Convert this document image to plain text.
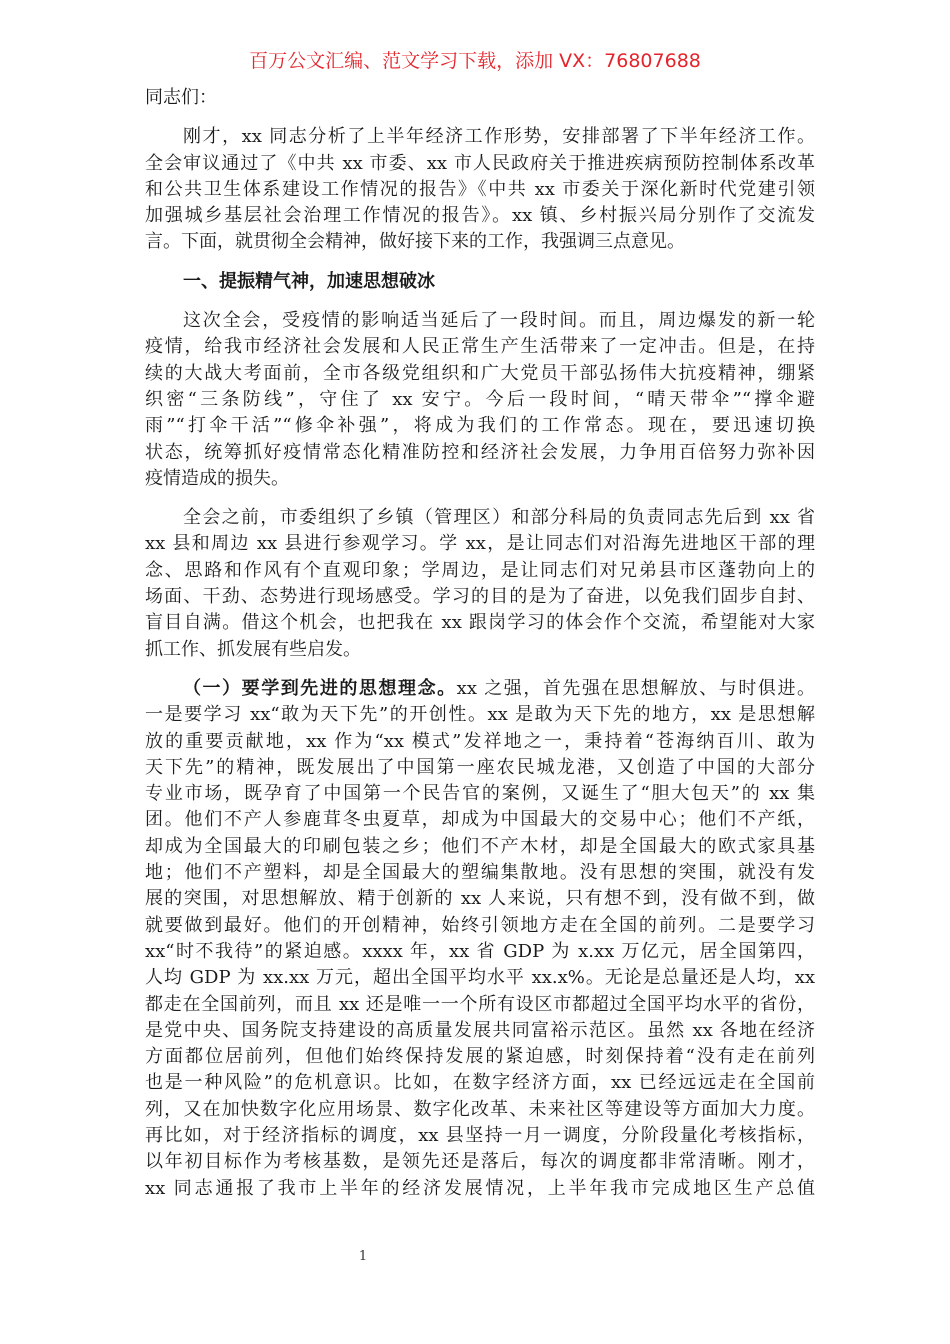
百万公文汇编、范文学习下载，添加 VX：76807688
同志们：
刚才，xx 同志分析了上半年经济工作形势，安排部署了下半年经济工作。
全会审议通过了《中共 xx 市委、xx 市人民政府关于推进疾病预防控制体系改革
和公共卫生体系建设工作情况的报告》《中共 xx 市委关于深化新时代党建引领
加强城乡基层社会治理工作情况的报告》。xx 镇、乡村振兴局分别作了交流发
言。下面，就贯彻全会精神，做好接下来的工作，我强调三点意见。
一、提振精气神，加速思想破冰
这次全会，受疫情的影响适当延后了一段时间。而且，周边爆发的新一轮
疫情，给我市经济社会发展和人民正常生产生活带来了一定冲击。但是，在持
续的大战大考面前，全市各级党组织和广大党员干部弘扬伟大抗疫精神，绷紧
织密“三条防线”，守住了 xx 安宁。今后一段时间，“晴天带伞”“撑伞避
雨”“打伞干活”“修伞补强”，将成为我们的工作常态。现在，要迅速切换
状态，统筹抓好疫情常态化精准防控和经济社会发展，力争用百倍努力弥补因
疫情造成的损失。
全会之前，市委组织了乡镇（管理区）和部分科局的负责同志先后到 xx 省
xx 县和周边 xx 县进行参观学习。学 xx，是让同志们对沿海先进地区干部的理
念、思路和作风有个直观印象；学周边，是让同志们对兄弟县市区蓬勃向上的
场面、干劲、态势进行现场感受。学习的目的是为了奋进，以免我们固步自封、
盲目自满。借这个机会，也把我在 xx 跟岗学习的体会作个交流，希望能对大家
抓工作、抓发展有些启发。
（一）要学到先进的思想理念。xx 之强，首先强在思想解放、与时俱进。
一是要学习 xx“敢为天下先”的开创性。xx 是敢为天下先的地方，xx 是思想解
放的重要贡献地，xx 作为“xx 模式”发祥地之一，秉持着“苍海纳百川、敢为
天下先”的精神，既发展出了中国第一座农民城龙港，又创造了中国的大部分
专业市场，既孕育了中国第一个民告官的案例，又诞生了“胆大包天”的 xx 集
团。他们不产人参鹿茸冬虫夏草，却成为中国最大的交易中心；他们不产纸，
却成为全国最大的印刷包装之乡；他们不产木材，却是全国最大的欧式家具基
地；他们不产塑料，却是全国最大的塑编集散地。没有思想的突围，就没有发
展的突围，对思想解放、精于创新的 xx 人来说，只有想不到，没有做不到，做
就要做到最好。他们的开创精神，始终引领地方走在全国的前列。二是要学习
xx“时不我待”的紧迫感。xxxx 年，xx 省 GDP 为 x.xx 万亿元，居全国第四，
人均 GDP 为 xx.xx 万元，超出全国平均水平 xx.x%。无论是总量还是人均，xx
都走在全国前列，而且 xx 还是唯一一个所有设区市都超过全国平均水平的省份，
是党中央、国务院支持建设的高质量发展共同富裕示范区。虽然 xx 各地在经济
方面都位居前列，但他们始终保持发展的紧迫感，时刻保持着“没有走在前列
也是一种风险”的危机意识。比如，在数字经济方面，xx 已经远远走在全国前
列，又在加快数字化应用场景、数字化改革、未来社区等建设等方面加大力度。
再比如，对于经济指标的调度，xx 县坚持一月一调度，分阶段量化考核指标，
以年初目标作为考核基数，是领先还是落后，每次的调度都非常清晰。刚才，
xx 同志通报了我市上半年的经济发展情况，上半年我市完成地区生产总值
1
